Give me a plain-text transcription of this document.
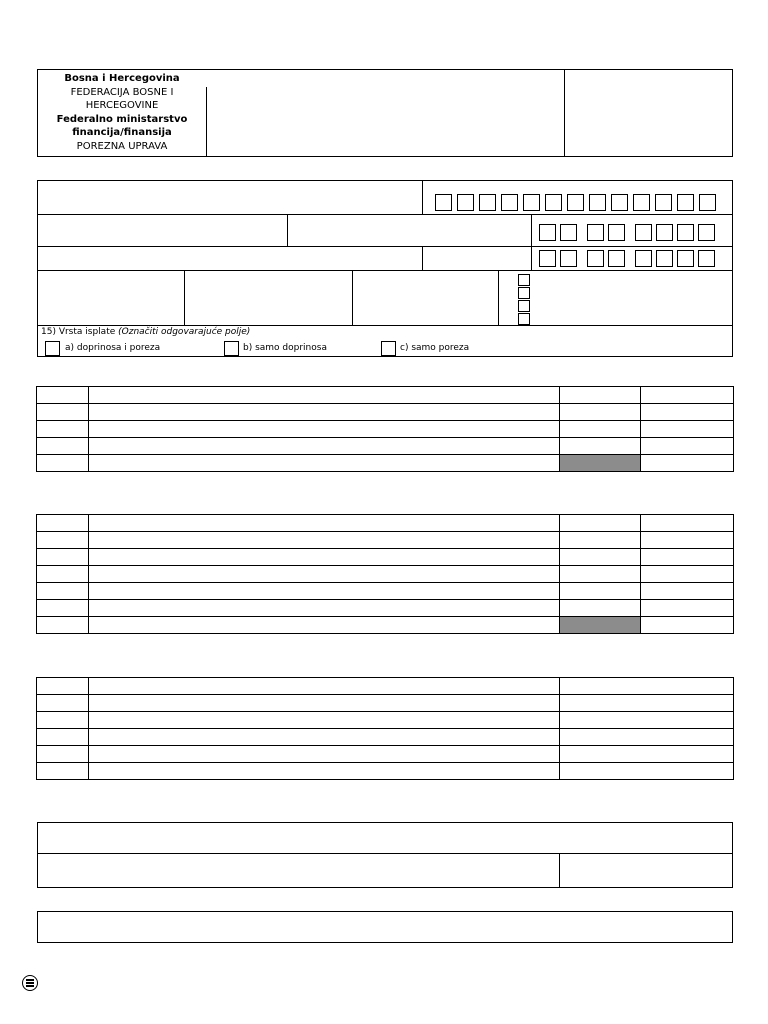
Bosna i Hercegovina
FEDERACIJA BOSNE I
HERCEGOVINE
Federalno ministarstvo
financija/finansija
POREZNA UPRAVA
15) Vrsta isplate (Označiti odgovarajuće polje)
a) doprinosa i poreza	b) samo doprinosa	c) samo poreza
